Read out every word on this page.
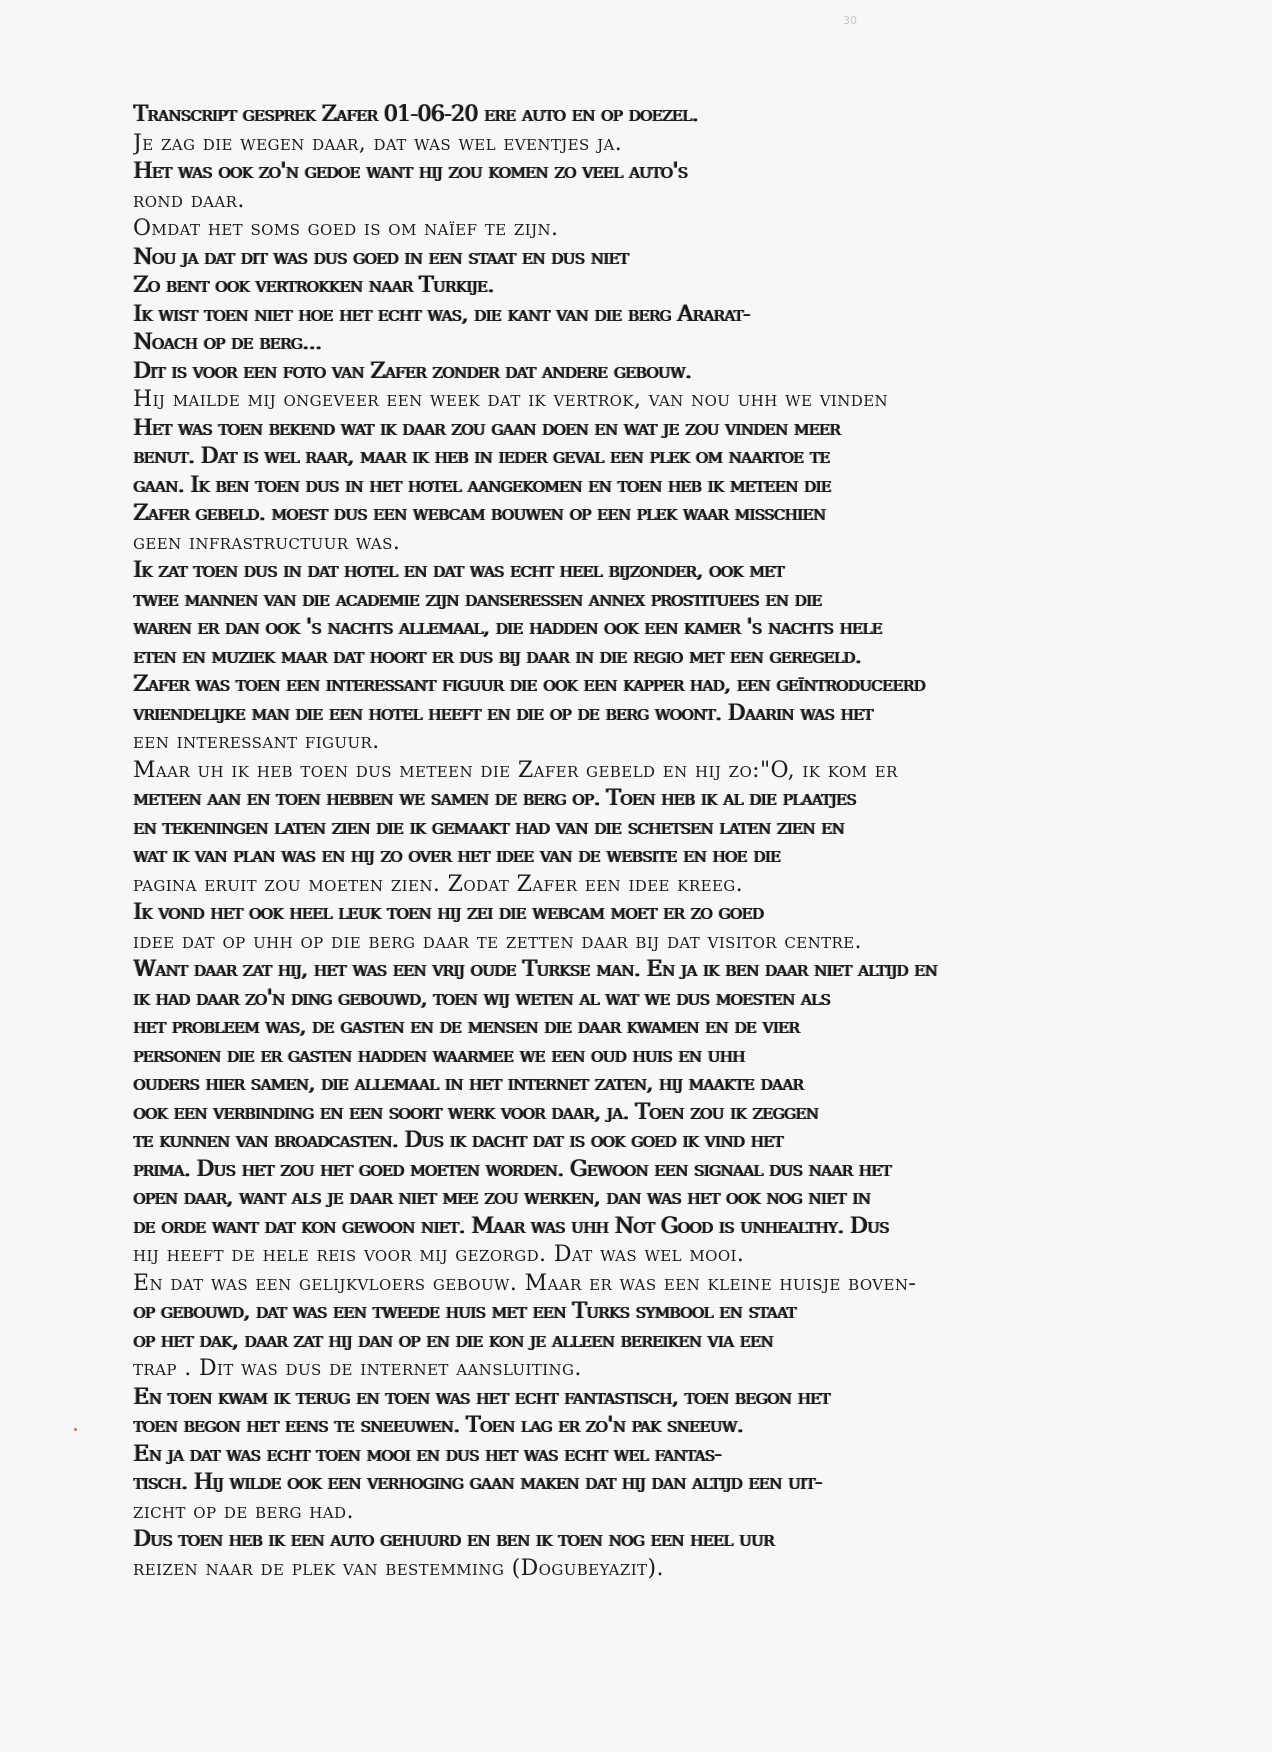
30
Transcript gesprek Zafer 01-06-20 ere auto en op doezel.
Je zag die wegen daar, dat was wel eventjes ja.
Het was ook zo'n gedoe want hij zou komen zo veel auto's
rond daar.
Omdat het soms goed is om naïef te zijn.
Nou ja dat dit was dus goed in een staat en dus niet
Zo bent ook vertrokken naar Turkije.
Ik wist toen niet hoe het echt was, die kant van die berg Ararat-
Noach op de berg...
Dit is voor een foto van Zafer zonder dat andere gebouw.
Hij mailde mij ongeveer een week dat ik vertrok, van nou uhh we vinden
Het was toen bekend wat ik daar zou gaan doen en wat je zou vinden meer
benut. Dat is wel raar, maar ik heb in ieder geval een plek om naartoe te
gaan. Ik ben toen dus in het hotel aangekomen en toen heb ik meteen die
Zafer gebeld. moest dus een webcam bouwen op een plek waar misschien
geen infrastructuur was.
Ik zat toen dus in dat hotel en dat was echt heel bijzonder, ook met
twee mannen van die academie zijn danseressen annex prostituees en die
waren er dan ook 's nachts allemaal, die hadden ook een kamer 's nachts hele
eten en muziek maar dat hoort er dus bij daar in die regio met een geregeld.
Zafer was toen een interessant figuur die ook een kapper had, een geïntroduceerd
vriendelijke man die een hotel heeft en die op de berg woont. Daarin was het
een interessant figuur.
Maar uh ik heb toen dus meteen die Zafer gebeld en hij zo:"O, ik kom er
meteen aan en toen hebben we samen de berg op. Toen heb ik al die plaatjes
en tekeningen laten zien die ik gemaakt had van die schetsen laten zien en
wat ik van plan was en hij zo over het idee van de website en hoe die
pagina eruit zou moeten zien. Zodat Zafer een idee kreeg.
Ik vond het ook heel leuk toen hij zei die webcam moet er zo goed
idee dat op uhh op die berg daar te zetten daar bij dat visitor centre.
Want daar zat hij, het was een vrij oude Turkse man. En ja ik ben daar niet altijd en
ik had daar zo'n ding gebouwd, toen wij weten al wat we dus moesten als
het probleem was, de gasten en de mensen die daar kwamen en de vier
personen die er gasten hadden waarmee we een oud huis en uhh
ouders hier samen, die allemaal in het internet zaten, hij maakte daar
ook een verbinding en een soort werk voor daar, ja. Toen zou ik zeggen
te kunnen van broadcasten. Dus ik dacht dat is ook goed ik vind het
prima. Dus het zou het goed moeten worden. Gewoon een signaal dus naar het
open daar, want als je daar niet mee zou werken, dan was het ook nog niet in
de orde want dat kon gewoon niet. Maar was uhh Not Good is unhealthy. Dus
hij heeft de hele reis voor mij gezorgd. Dat was wel mooi.
En dat was een gelijkvloers gebouw. Maar er was een kleine huisje boven-
op gebouwd, dat was een tweede huis met een Turks symbool en staat
op het dak, daar zat hij dan op en die kon je alleen bereiken via een
trap . Dit was dus de internet aansluiting.
En toen kwam ik terug en toen was het echt fantastisch, toen begon het
toen begon het eens te sneeuwen. Toen lag er zo'n pak sneeuw.
En ja dat was echt toen mooi en dus het was echt wel fantas-
tisch. Hij wilde ook een verhoging gaan maken dat hij dan altijd een uit-
zicht op de berg had.
Dus toen heb ik een auto gehuurd en ben ik toen nog een heel uur
reizen naar de plek van bestemming (Dogubeyazit).
